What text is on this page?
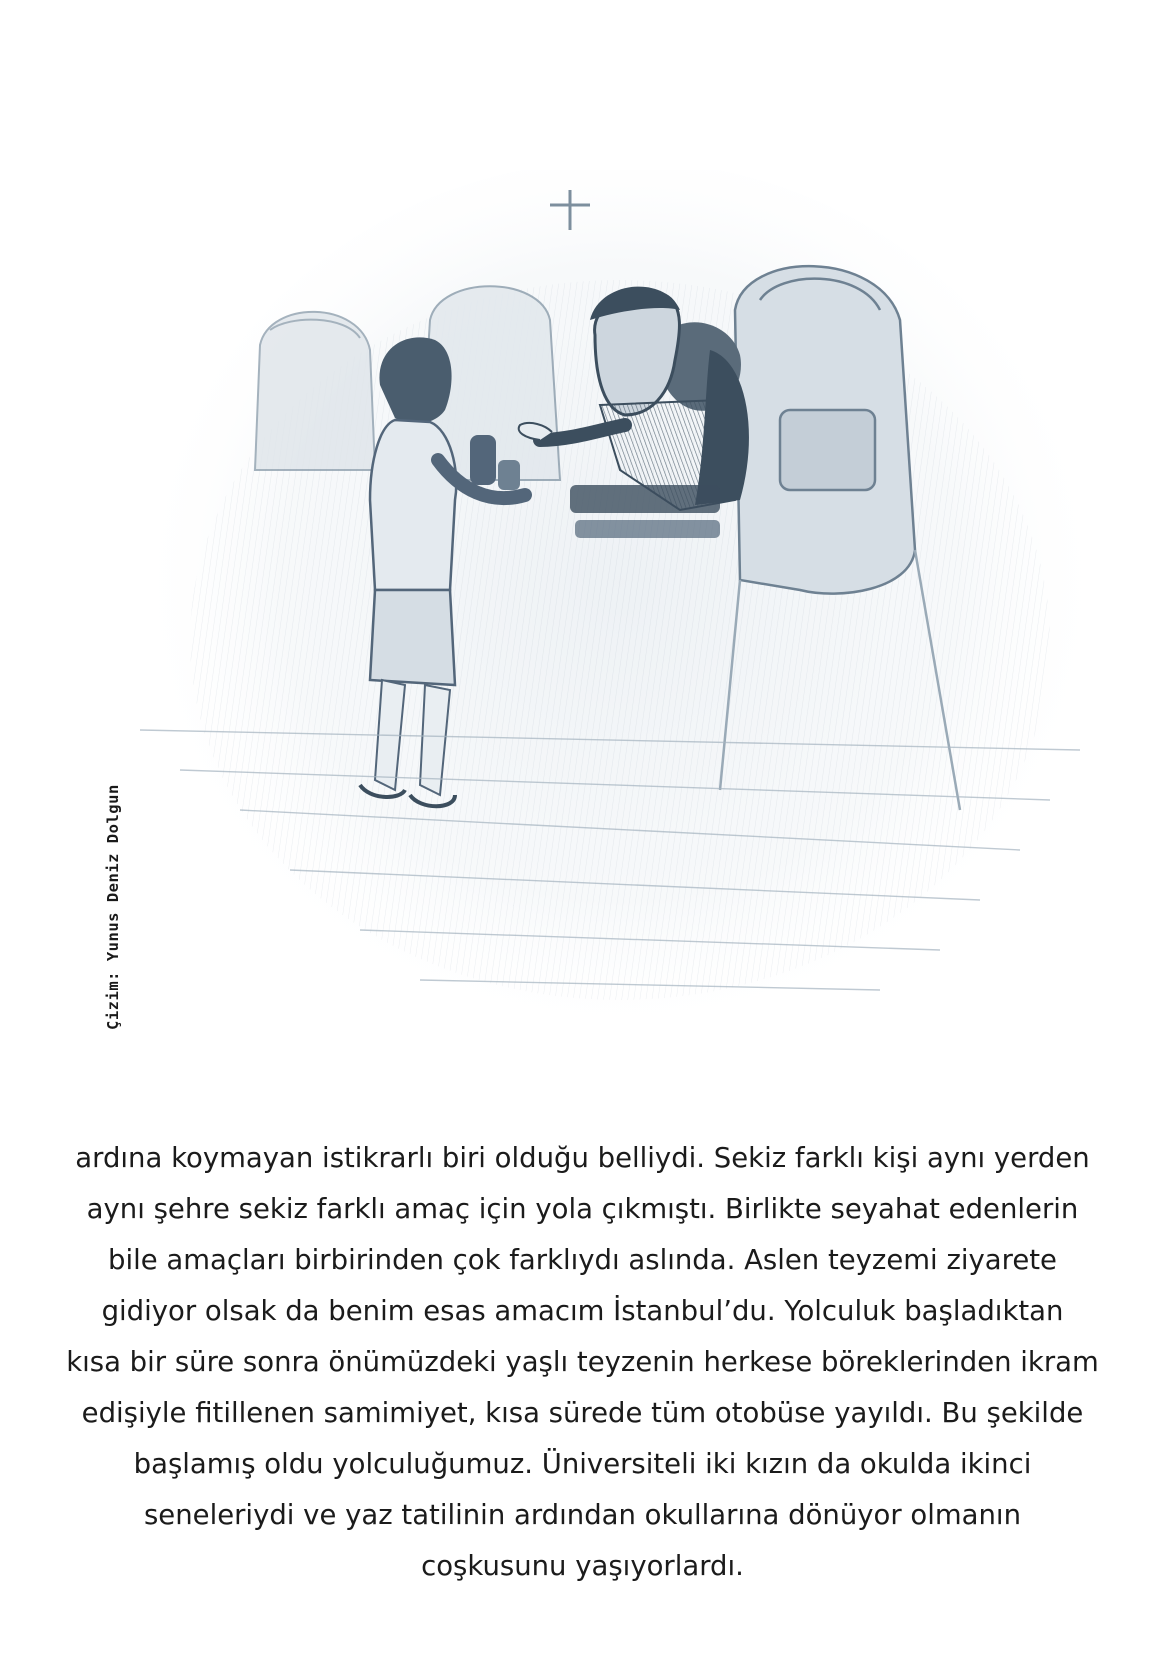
Çizim: Yunus Deniz Dolgun
ardına koymayan istikrarlı biri olduğu belliydi. Sekiz farklı kişi aynı yerden
aynı şehre sekiz farklı amaç için yola çıkmıştı. Birlikte seyahat edenlerin
bile amaçları birbirinden çok farklıydı aslında. Aslen teyzemi ziyarete
gidiyor olsak da benim esas amacım İstanbul’du. Yolculuk başladıktan
kısa bir süre sonra önümüzdeki yaşlı teyzenin herkese böreklerinden ikram
edişiyle fitillenen samimiyet, kısa sürede tüm otobüse yayıldı. Bu şekilde
başlamış oldu yolculuğumuz. Üniversiteli iki kızın da okulda ikinci
seneleriydi ve yaz tatilinin ardından okullarına dönüyor olmanın
coşkusunu yaşıyorlardı.
